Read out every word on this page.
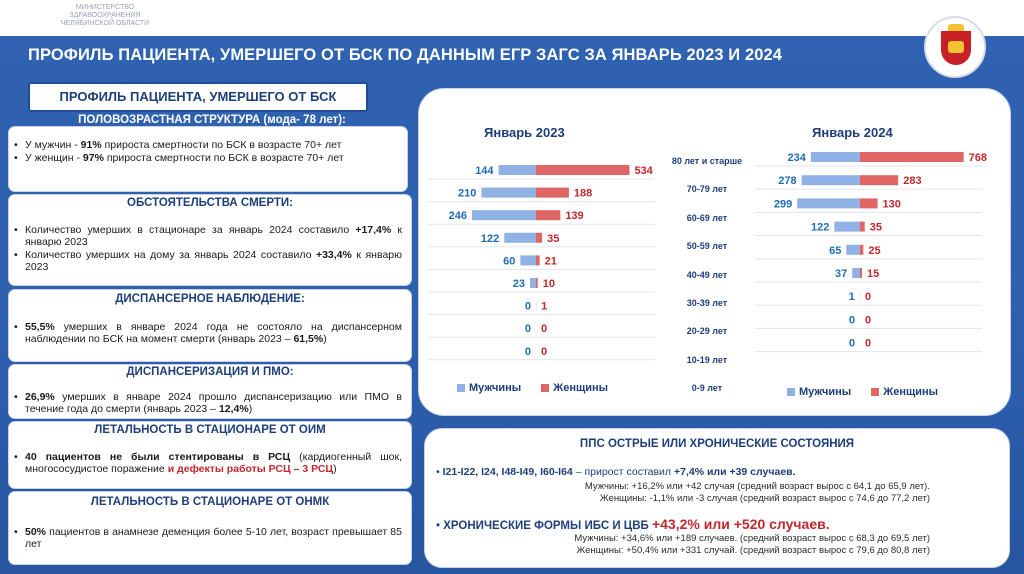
МИНИСТЕРСТВО
ЗДРАВООХРАНЕНИЯ
ЧЕЛЯБИНСКОЙ ОБЛАСТИ
ПРОФИЛЬ ПАЦИЕНТА, УМЕРШЕГО ОТ БСК ПО ДАННЫМ ЕГР ЗАГС ЗА ЯНВАРЬ 2023 И 2024
ПРОФИЛЬ ПАЦИЕНТА, УМЕРШЕГО ОТ БСК
ПОЛОВОЗРАСТНАЯ СТРУКТУРА (мода- 78 лет):
• У мужчин - 91% прироста смертности по БСК в возрасте 70+ лет
• У женщин - 97% прироста смертности по БСК в возрасте 70+ лет
ОБСТОЯТЕЛЬСТВА СМЕРТИ:
• Количество умерших в стационаре за январь 2024 составило +17,4% к январю 2023
• Количество умерших на дому за январь 2024 составило +33,4% к январю 2023
ДИСПАНСЕРНОЕ НАБЛЮДЕНИЕ:
• 55,5% умерших в январе 2024 года не состояло на диспансерном наблюдении по БСК на момент смерти (январь 2023 – 61,5%)
ДИСПАНСЕРИЗАЦИЯ И ПМО:
• 26,9% умерших в январе 2024 прошло диспансеризацию или ПМО в течение года до смерти (январь 2023 – 12,4%)
ЛЕТАЛЬНОСТЬ В СТАЦИОНАРЕ ОТ ОИМ
• 40 пациентов не были стентированы в РСЦ (кардиогенный шок, многососудистое поражение и дефекты работы РСЦ – 3 РСЦ)
ЛЕТАЛЬНОСТЬ В СТАЦИОНАРЕ ОТ ОНМК
• 50% пациентов в анамнезе деменция более 5-10 лет, возраст превышает 85 лет
Январь 2023	Январь 2024
144	534
210	188
246	139
122	35
60	21
23 10
0 1
0 0
0 0
234	768
278	283
299	130
122	35
65 25
37 15
1 0
0 0
0 0
80 лет и старше
70-79 лет
60-69 лет
50-59 лет
40-49 лет
30-39 лет
20-29 лет
10-19 лет
0-9 лет
Мужчины	Женщины	Мужчины	Женщины
ППС ОСТРЫЕ ИЛИ ХРОНИЧЕСКИЕ СОСТОЯНИЯ
• I21-I22, I24, I48-I49, I60-I64 – прирост составил +7,4% или +39 случаев.
Мужчины: +16,2% или +42 случая (средний возраст вырос с 64,1 до 65,9 лет).
Женщины: -1,1% или -3 случая (средний возраст вырос с 74,6 до 77,2 лет)
• ХРОНИЧЕСКИЕ ФОРМЫ ИБС И ЦВБ +43,2% или +520 случаев.
Мужчины: +34,6% или +189 случаев. (средний возраст вырос с 68,3 до 69,5 лет)
Женщины: +50,4% или +331 случай. (средний возраст вырос с 79,6 до 80,8 лет)
